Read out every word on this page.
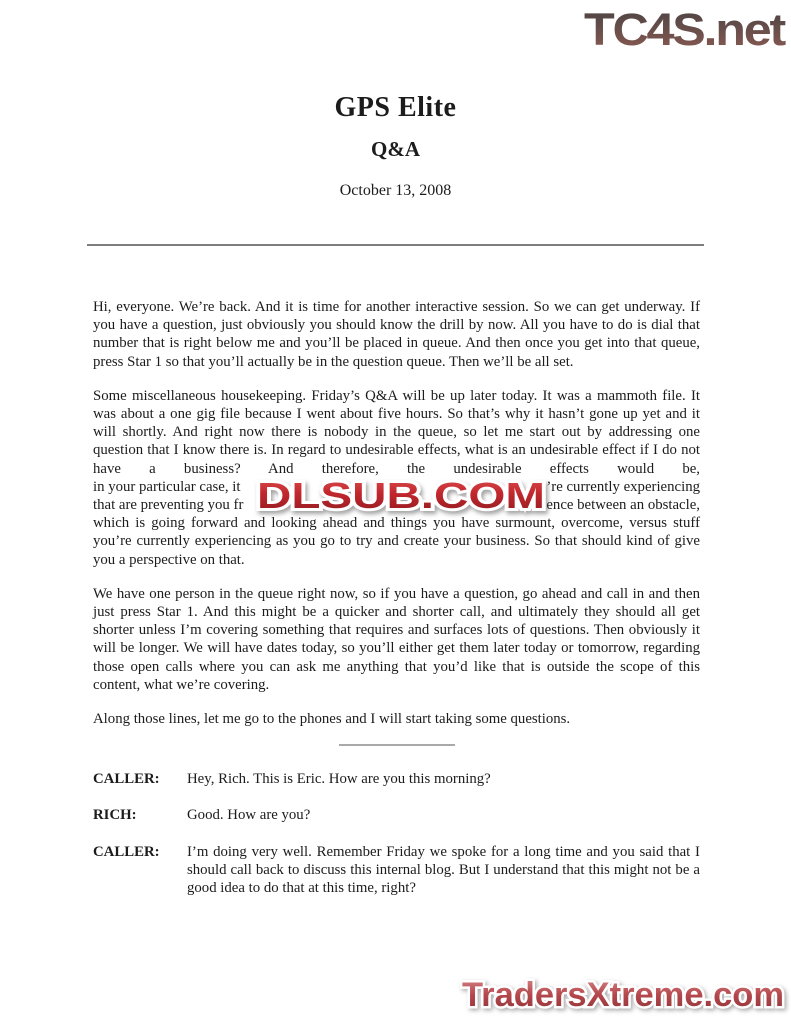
TC4S.net
GPS Elite
Q&A
October 13, 2008

Hi, everyone. We’re back. And it is time for another interactive session. So we can get underway. If you have a question, just obviously you should know the drill by now. All you have to do is dial that number that is right below me and you’ll be placed in queue. And then once you get into that queue, press Star 1 so that you’ll actually be in the question queue. Then we’ll be all set.

Some miscellaneous housekeeping. Friday’s Q&A will be up later today. It was a mammoth file. It was about a one gig file because I went about five hours. So that’s why it hasn’t gone up yet and it will shortly. And right now there is nobody in the queue, so let me start out by addressing one question that I know there is. In regard to undesirable effects, what is an undesirable effect if I do not have a business? And therefore, the undesirable effects would be,
in your particular case, it	’re currently experiencing
that are preventing you fr	ence between an obstacle,
DLSUB.COM
which is going forward and looking ahead and things you have surmount, overcome, versus stuff you’re currently experiencing as you go to try and create your business. So that should kind of give you a perspective on that.

We have one person in the queue right now, so if you have a question, go ahead and call in and then just press Star 1. And this might be a quicker and shorter call, and ultimately they should all get shorter unless I’m covering something that requires and surfaces lots of questions. Then obviously it will be longer. We will have dates today, so you’ll either get them later today or tomorrow, regarding those open calls where you can ask me anything that you’d like that is outside the scope of this content, what we’re covering.

Along those lines, let me go to the phones and I will start taking some questions.

CALLER:	Hey, Rich. This is Eric. How are you this morning?
RICH:	Good. How are you?
CALLER:	I’m doing very well. Remember Friday we spoke for a long time and you said that I should call back to discuss this internal blog. But I understand that this might not be a good idea to do that at this time, right?
TradersXtreme.com
